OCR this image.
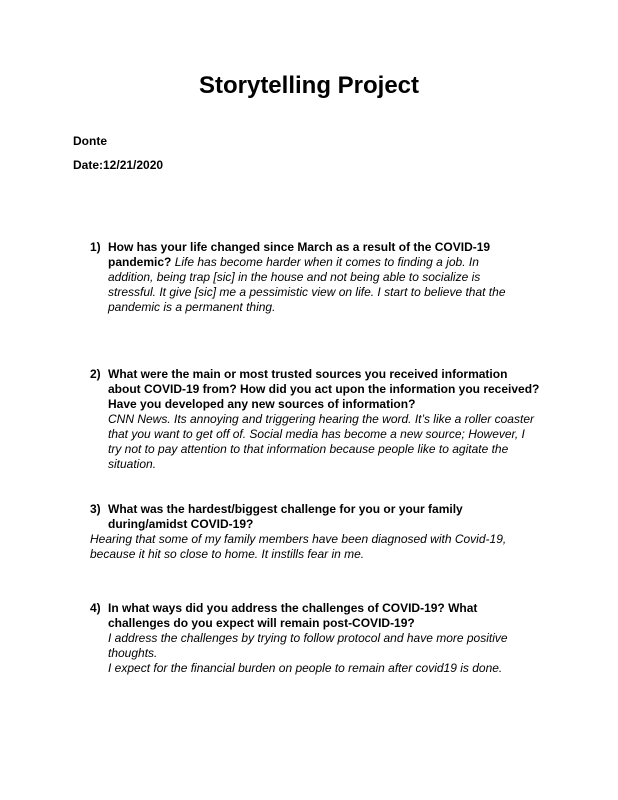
Storytelling Project
Donte
Date:12/21/2020
1) How has your life changed since March as a result of the COVID-19
pandemic? Life has become harder when it comes to finding a job. In
addition, being trap [sic] in the house and not being able to socialize is
stressful. It give [sic] me a pessimistic view on life. I start to believe that the
pandemic is a permanent thing.
2) What were the main or most trusted sources you received information
about COVID-19 from? How did you act upon the information you received?
Have you developed any new sources of information?
CNN News. Its annoying and triggering hearing the word. It’s like a roller coaster
that you want to get off of. Social media has become a new source; However, I
try not to pay attention to that information because people like to agitate the
situation.
3) What was the hardest/biggest challenge for you or your family
during/amidst COVID-19?
Hearing that some of my family members have been diagnosed with Covid-19,
because it hit so close to home. It instills fear in me.
4) In what ways did you address the challenges of COVID-19? What
challenges do you expect will remain post-COVID-19?
I address the challenges by trying to follow protocol and have more positive
thoughts.
I expect for the financial burden on people to remain after covid19 is done.
